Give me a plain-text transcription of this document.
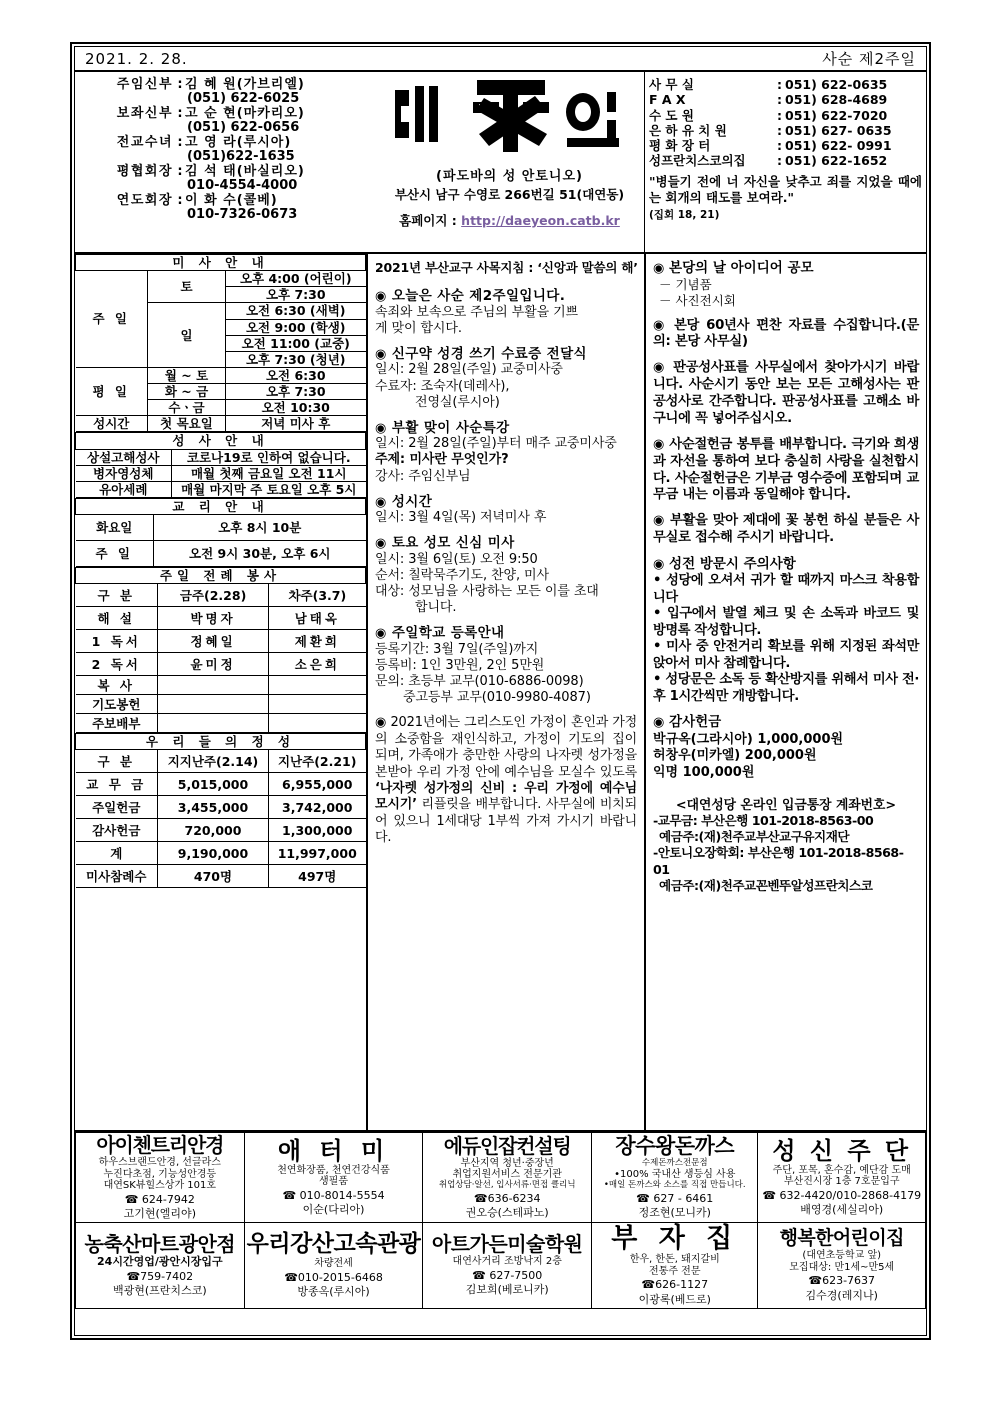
2021. 2. 28.	사순 제2주일
주임신부 : 김 혜 원(가브리엘)
(051) 622-6025
보좌신부 : 고 순 현(마카리오)
(051) 622-0656
전교수녀 : 고 영 라(루시아)
(051)622-1635
평협회장 : 김 석 태(바실리오)
010-4554-4000
연도회장 : 이 화 수(콜베)
010-7326-0673
(파도바의 성 안토니오)
부산시 남구 수영로 266번길 51(대연동)
홈페이지 : http://daeyeon.catb.kr
사 무 실	: 051) 622-0635
F A X	: 051) 628-4689
수 도 원	: 051) 622-7020
은 하 유 치 원	: 051) 627- 0635
평 화 장 터	: 051) 622- 0991
성프란치스코의집	: 051) 622-1652
"병들기 전에 너 자신을 낮추고 죄를 지었을 때에는 회개의 태도를 보여라."
(집회 18, 21)
미 사 안 내		
주 일	토	오후 4:00 (어린이)
		오후 7:30
	일	오전 6:30 (새벽)
		오전 9:00 (학생)
		오전 11:00 (교중)
		오후 7:30 (청년)
평 일	월 ~ 토	오전 6:30
	화 ~ 금	오후 7:30
	수ㆍ금	오전 10:30
성시간	첫 목요일	저녁 미사 후
성 사 안 내	
상설고해성사	코로나19로 인하여 없습니다.
병자영성체	매월 첫째 금요일 오전 11시
유아세례	매월 마지막 주 토요일 오후 5시
교 리 안 내	
화요일	오후 8시 10분
주 일	오전 9시 30분, 오후 6시
주일 전례 봉사		
구 분	금주(2.28)	차주(3.7)
해 설	박명자	남태옥
1 독서	정혜일	제환희
2 독서	윤미정	소은희
복 사		
기도봉헌		
주보배부		
우 리 들 의 정 성		
구 분	지지난주(2.14)	지난주(2.21)
교 무 금	5,015,000	6,955,000
주일헌금	3,455,000	3,742,000
감사헌금	720,000	1,300,000
계	9,190,000	11,997,000
미사참례수	470명	497명
2021년 부산교구 사목지침 : ‘신앙과 말씀의 해’
◉ 오늘은 사순 제2주일입니다.
속죄와 보속으로 주님의 부활을 기쁘
게 맞이 합시다.
◉ 신구약 성경 쓰기 수료증 전달식
일시: 2월 28일(주일) 교중미사중
수료자: 조숙자(데레사),
전영실(루시아)
◉ 부활 맞이 사순특강
일시: 2월 28일(주일)부터 매주 교중미사중
주제: 미사란 무엇인가?
강사: 주임신부님
◉ 성시간
일시: 3월 4일(목) 저녁미사 후
◉ 토요 성모 신심 미사
일시: 3월 6일(토) 오전 9:50
순서: 칠락묵주기도, 찬양, 미사
대상: 성모님을 사랑하는 모든 이를 초대
합니다.
◉ 주일학교 등록안내
등록기간: 3월 7일(주일)까지
등록비: 1인 3만원, 2인 5만원
문의: 초등부 교무(010-6886-0098)
중고등부 교무(010-9980-4087)
◉ 2021년에는 그리스도인 가정이 혼인과 가정의 소중함을 재인식하고, 가정이 기도의 집이 되며, 가족애가 충만한 사랑의 나자렛 성가정을 본받아 우리 가정 안에 예수님을 모실수 있도록 ‘나자렛 성가정의 신비 : 우리 가정에 예수님 모시기’ 리플릿을 배부합니다. 사무실에 비치되어 있으니 1세대당 1부씩 가져 가시기 바랍니다.
◉ 본당의 날 아이디어 공모
－ 기념품
－ 사진전시회
◉ 본당 60년사 편찬 자료를 수집합니다.(문의: 본당 사무실)
◉ 판공성사표를 사무실에서 찾아가시기 바랍니다. 사순시기 동안 보는 모든 고해성사는 판공성사로 간주합니다. 판공성사표를 고해소 바구니에 꼭 넣어주십시오.
◉ 사순절헌금 봉투를 배부합니다. 극기와 희생과 자선을 통하여 보다 충실히 사랑을 실천합시다. 사순절헌금은 기부금 영수증에 포함되며 교무금 내는 이름과 동일해야 합니다.
◉ 부활을 맞아 제대에 꽃 봉헌 하실 분들은 사무실로 접수해 주시기 바랍니다.
◉ 성전 방문시 주의사항
• 성당에 오셔서 귀가 할 때까지 마스크 착용합니다
• 입구에서 발열 체크 및 손 소독과 바코드 및 방명록 작성합니다.
• 미사 중 안전거리 확보를 위해 지정된 좌석만 앉아서 미사 참례합니다.
• 성당문은 소독 등 확산방지를 위해서 미사 전·후 1시간씩만 개방합니다.
◉ 감사헌금
박규옥(그라시아) 1,000,000원
허창우(미카엘) 200,000원
익명 100,000원
<대연성당 온라인 입금통장 계좌번호>
-교무금: 부산은행 101-2018-8563-00
예금주:(재)천주교부산교구유지재단
-안토니오장학회: 부산은행 101-2018-8568-01
예금주:(재)천주교꼰벤뚜알성프란치스코
아이첸트리안경
하우스브랜드안경, 선글라스
누진다초점, 기능성안경등
대연SK뷰힐스상가 101호
☎ 624-7942
고기현(엘리야)

애 터 미
천연화장품, 천연건강식품
생필품
☎ 010-8014-5554
이순(다리아)

에듀인잡컨설팅
부산지역 청년·중장년
취업지원서비스 전문기관
취업상담·알선, 입사서류·면접 클리닉
☎636-6234
권오승(스테파노)

장수왕돈까스
수제돈까스전문점
•100% 국내산 생등심 사용
•매일 돈까스와 소스를 직접 만듭니다.
☎ 627 - 6461
정조현(모니카)

성 신 주 단
주단, 포목, 혼수감, 예단감 도매
부산진시장 1층 7호문입구
☎ 632-4420/010-2868-4179
배영경(세실리아)

농축산마트광안점
24시간영업/광안시장입구
☎759-7402
백광현(프란치스코)

우리강산고속관광
차량전세
☎010-2015-6468
방종옥(루시아)

아트가든미술학원
대연사거리 조방낙지 2층
☎ 627-7500
김보희(베로니카)

부 자 집
한우, 한돈, 돼지갈비
전통주 전문
☎626-1127
이광록(베드로)

행복한어린이집
(대연초등학교 앞)
모집대상: 만1세~만5세
☎623-7637
김수경(레지나)
